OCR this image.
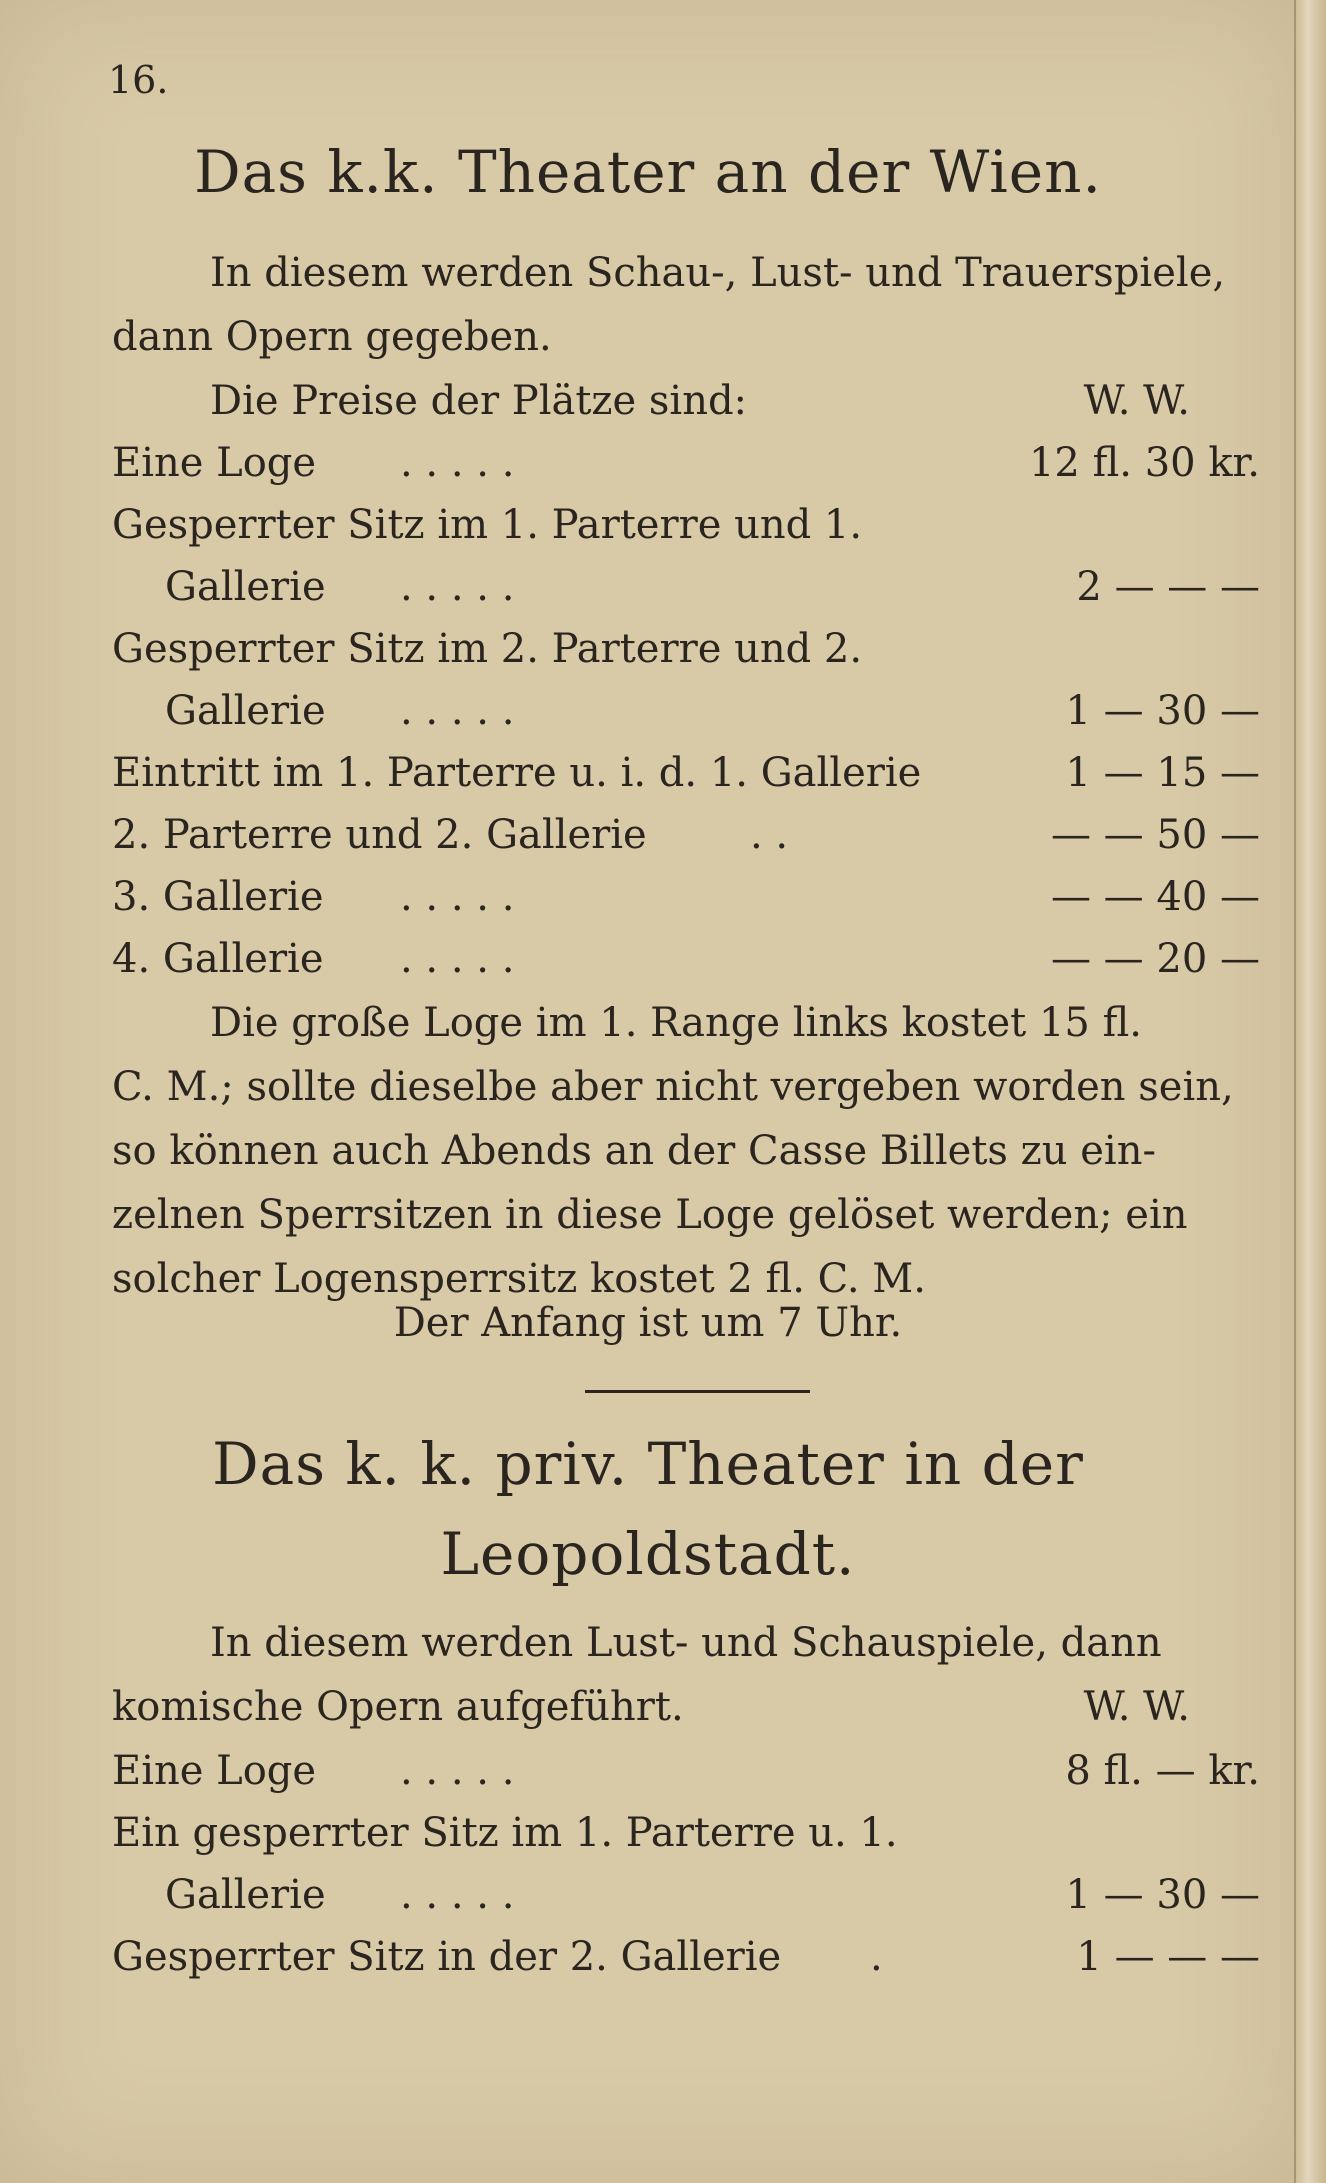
16.
Das k.k. Theater an der Wien.
In diesem werden Schau-, Lust- und Trauerspiele,
dann Opern gegeben.
Die Preise der Plätze sind:	W. W.
Eine Loge . . . . .	12 fl. 30 kr.
Gesperrter Sitz im 1. Parterre und 1.
Gallerie . . . . .	2 — — —
Gesperrter Sitz im 2. Parterre und 2.
Gallerie . . . . .	1 — 30 —
Eintritt im 1. Parterre u. i. d. 1. Gallerie	1 — 15 —
2. Parterre und 2. Gallerie	. .	— — 50 —
3. Gallerie . . . . .	— — 40 —
4. Gallerie . . . . .	— — 20 —
Die große Loge im 1. Range links kostet 15 fl.
C. M.; sollte dieselbe aber nicht vergeben worden sein,
so können auch Abends an der Casse Billets zu ein-
zelnen Sperrsitzen in diese Loge gelöset werden; ein
solcher Logensperrsitz kostet 2 fl. C. M.
Der Anfang ist um 7 Uhr.
Das k. k. priv. Theater in der
Leopoldstadt.
In diesem werden Lust- und Schauspiele, dann
komische Opern aufgeführt.	W. W.
Eine Loge . . . . .	8 fl. — kr.
Ein gesperrter Sitz im 1. Parterre u. 1.
Gallerie . . . . .	1 — 30 —
Gesperrter Sitz in der 2. Gallerie .	1 — — —
